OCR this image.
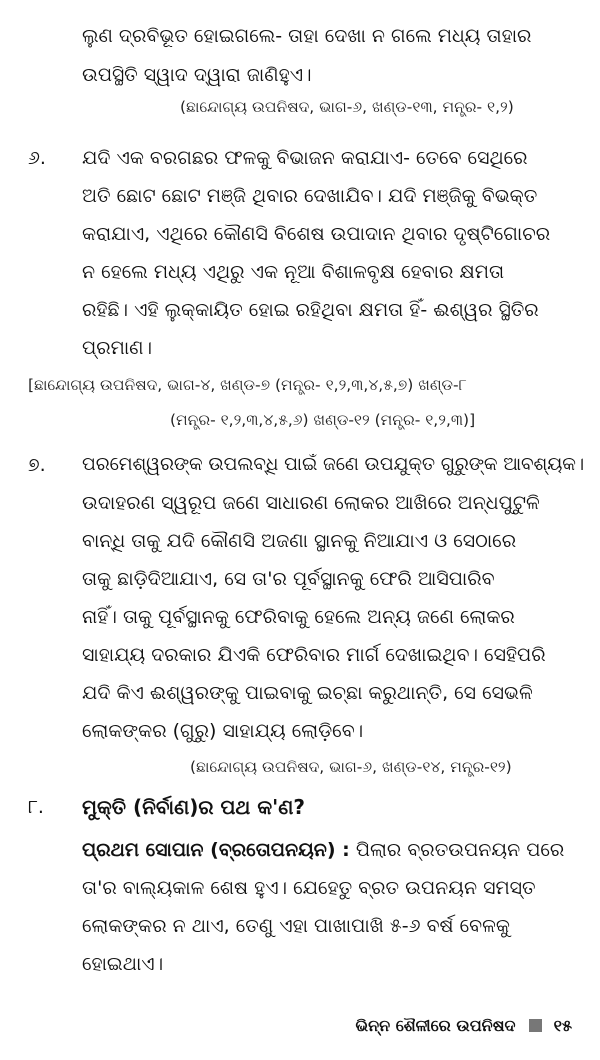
ଲୁଣ ଦ୍ରବିଭୂତ ହୋଇଗଲେ- ତାହା ଦେଖା ନ ଗଲେ ମଧ୍ୟ ତାହାର
ଉପସ୍ଥିତି ସ୍ୱାଦ ଦ୍ୱାରା ଜାଣିହୁଏ।
(ଛାନ୍ଦୋଗ୍ୟ ଉପନିଷଦ, ଭାଗ-୬, ଖଣ୍ଡ-୧୩, ମନ୍ତ୍ର- ୧,୨)
୬. ଯଦି ଏକ ବରଗଛର ଫଳକୁ ବିଭାଜନ କରାଯାଏ- ତେବେ ସେଥିରେ
ଅତି ଛୋଟ ଛୋଟ ମଞ୍ଜି ଥିବାର ଦେଖାଯିବ। ଯଦି ମଞ୍ଜିକୁ ବିଭକ୍ତ
କରାଯାଏ, ଏଥିରେ କୌଣସି ବିଶେଷ ଉପାଦାନ ଥିବାର ଦୃଷ୍ଟିଗୋଚର
ନ ହେଲେ ମଧ୍ୟ ଏଥିରୁ ଏକ ନୂଆ ବିଶାଳବୃକ୍ଷ ହେବାର କ୍ଷମତା
ରହିଛି। ଏହି ଲୁକ୍କାୟିତ ହୋଇ ରହିଥିବା କ୍ଷମତା ହିଁ- ଈଶ୍ୱର ସ୍ଥିତିର
ପ୍ରମାଣ।
[ଛାନ୍ଦୋଗ୍ୟ ଉପନିଷଦ, ଭାଗ-୪, ଖଣ୍ଡ-୭ (ମନ୍ତ୍ର- ୧,୨,୩,୪,୫,୭) ଖଣ୍ଡ-୮
(ମନ୍ତ୍ର- ୧,୨,୩,୪,୫,୬) ଖଣ୍ଡ-୧୨ (ମନ୍ତ୍ର- ୧,୨,୩)]
୭. ପରମେଶ୍ୱରଙ୍କ ଉପଲବ୍ଧି ପାଇଁ ଜଣେ ଉପଯୁକ୍ତ ଗୁରୁଙ୍କ ଆବଶ୍ୟକ।
ଉଦାହରଣ ସ୍ୱରୂପ ଜଣେ ସାଧାରଣ ଲୋକର ଆଖିରେ ଅନ୍ଧପୁଟୁଳି
ବାନ୍ଧି ତାକୁ ଯଦି କୌଣସି ଅଜଣା ସ୍ଥାନକୁ ନିଆଯାଏ ଓ ସେଠାରେ
ତାକୁ ଛାଡ଼ିଦିଆଯାଏ, ସେ ତା'ର ପୂର୍ବସ୍ଥାନକୁ ଫେରି ଆସିପାରିବ
ନାହିଁ। ତାକୁ ପୂର୍ବସ୍ଥାନକୁ ଫେରିବାକୁ ହେଲେ ଅନ୍ୟ ଜଣେ ଲୋକର
ସାହାଯ୍ୟ ଦରକାର ଯିଏକି ଫେରିବାର ମାର୍ଗ ଦେଖାଇଥିବ। ସେହିପରି
ଯଦି କିଏ ଈଶ୍ୱରଙ୍କୁ ପାଇବାକୁ ଇଚ୍ଛା କରୁଥାନ୍ତି, ସେ ସେଭଳି
ଲୋକଙ୍କର (ଗୁରୁ) ସାହାଯ୍ୟ ଲୋଡ଼ିବେ।
(ଛାନ୍ଦୋଗ୍ୟ ଉପନିଷଦ, ଭାଗ-୬, ଖଣ୍ଡ-୧୪, ମନ୍ତ୍ର-୧୨)
୮. ମୁକ୍ତି (ନିର୍ବାଣ)ର ପଥ କ'ଣ?
ପ୍ରଥମ ସୋପାନ (ବ୍ରତୋପନୟନ) : ପିଲାର ବ୍ରତଉପନୟନ ପରେ
ତା'ର ବାଲ୍ୟକାଳ ଶେଷ ହୁଏ। ଯେହେତୁ ବ୍ରତ ଉପନୟନ ସମସ୍ତ
ଲୋକଙ୍କର ନ ଥାଏ, ତେଣୁ ଏହା ପାଖାପାଖି ୫-୬ ବର୍ଷ ବେଳକୁ
ହୋଇଥାଏ।
ଭିନ୍ନ ଶୈଳୀରେ ଉପନିଷଦ ୧୫
